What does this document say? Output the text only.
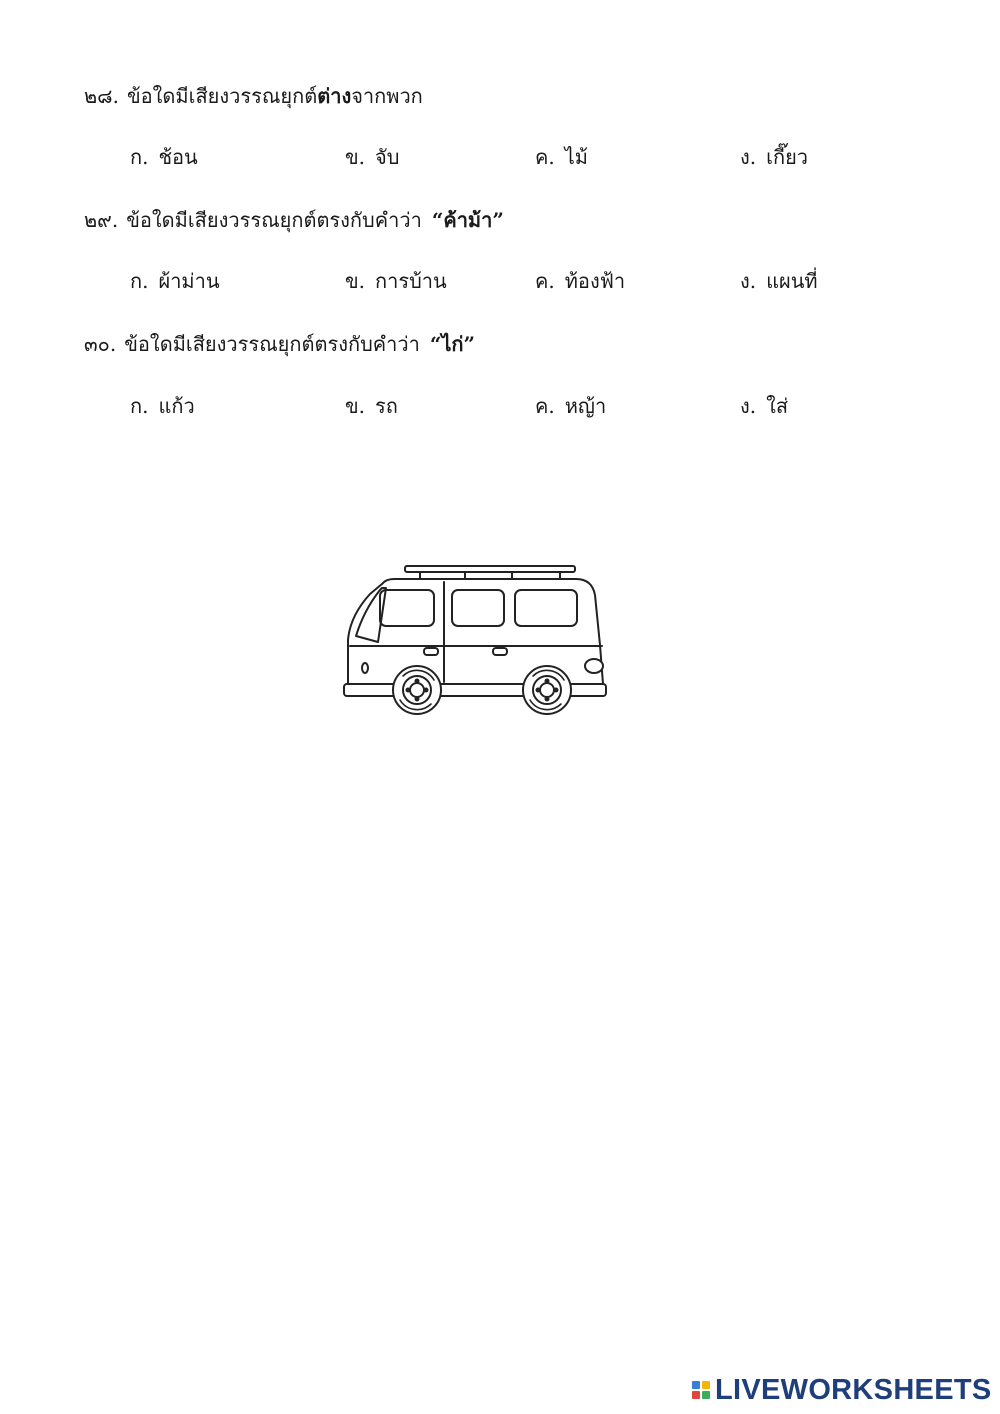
๒๘. ข้อใดมีเสียงวรรณยุกต์ต่างจากพวก
ก. ช้อน	ข. จับ	ค. ไม้	ง. เกี๊ยว
๒๙. ข้อใดมีเสียงวรรณยุกต์ตรงกับคำว่า “ค้าม้า”
ก. ผ้าม่าน	ข. การบ้าน	ค. ท้องฟ้า	ง. แผนที่
๓๐. ข้อใดมีเสียงวรรณยุกต์ตรงกับคำว่า “ไก่”
ก. แก้ว	ข. รถ	ค. หญ้า	ง. ใส่
LIVEWORKSHEETS
